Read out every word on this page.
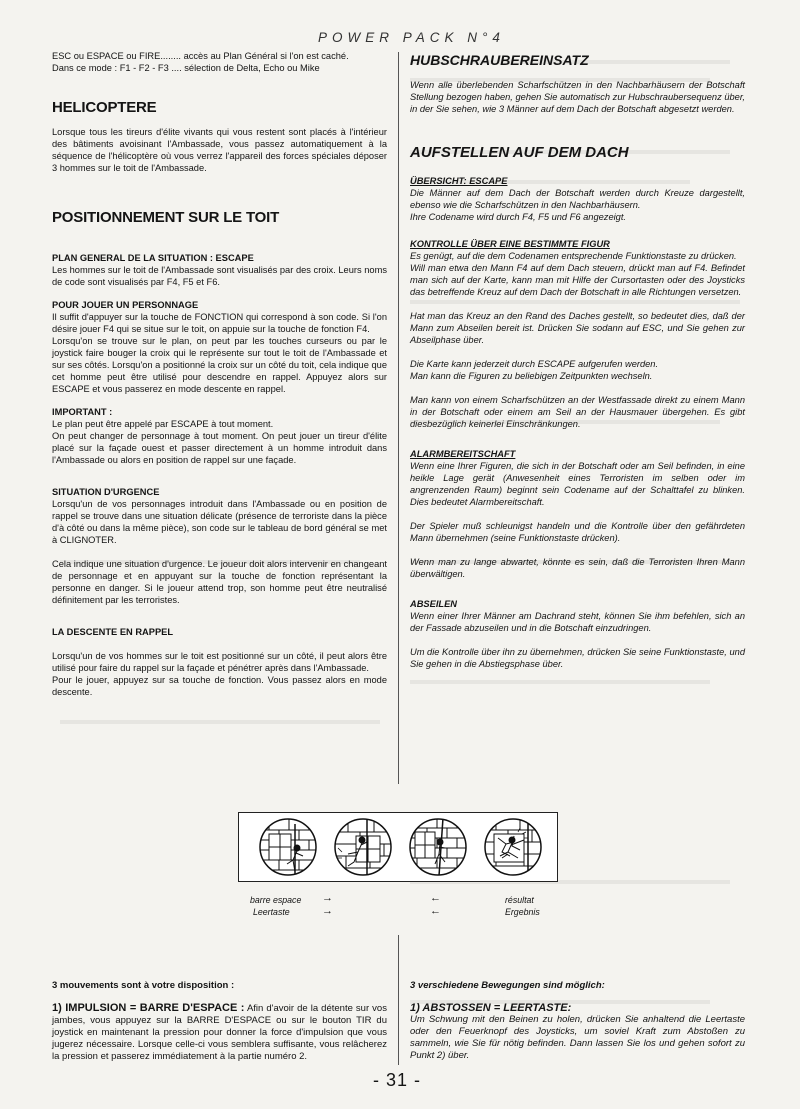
POWER PACK N°4

ESC ou ESPACE ou FIRE........ accès au Plan Général si l'on est caché.

Dans ce mode : F1 - F2 - F3 .... sélection de Delta, Echo ou Mike

HELICOPTERE

Lorsque tous les tireurs d'élite vivants qui vous restent sont placés à l'intérieur des bâtiments avoisinant l'Ambassade, vous passez automatiquement à la séquence de l'hélicoptère où vous verrez l'appareil des forces spéciales déposer 3 hommes sur le toit de l'Ambassade.

POSITIONNEMENT SUR LE TOIT

PLAN GENERAL DE LA SITUATION : ESCAPE

Les hommes sur le toit de l'Ambassade sont visualisés par des croix. Leurs noms de code sont visualisés par F4, F5 et F6.

POUR JOUER UN PERSONNAGE

Il suffit d'appuyer sur la touche de FONCTION qui correspond à son code. Si l'on désire jouer F4 qui se situe sur le toit, on appuie sur la touche de fonction F4.

Lorsqu'on se trouve sur le plan, on peut par les touches curseurs ou par le joystick faire bouger la croix qui le représente sur tout le toit de l'Ambassade et sur ses côtés. Lorsqu'on a positionné la croix sur un côté du toit, cela indique que cet homme peut être utilisé pour descendre en rappel. Appuyez alors sur ESCAPE et vous passerez en mode descente en rappel.

IMPORTANT :

Le plan peut être appelé par ESCAPE à tout moment.

On peut changer de personnage à tout moment. On peut jouer un tireur d'élite placé sur la façade ouest et passer directement à un homme introduit dans l'Ambassade ou alors en position de rappel sur une façade.

SITUATION D'URGENCE

Lorsqu'un de vos personnages introduit dans l'Ambassade ou en position de rappel se trouve dans une situation délicate (présence de terroriste dans la pièce d'à côté ou dans la même pièce), son code sur le tableau de bord général se met à CLIGNOTER.

Cela indique une situation d'urgence. Le joueur doit alors intervenir en changeant de personnage et en appuyant sur la touche de fonction représentant la personne en danger. Si le joueur attend trop, son homme peut être neutralisé définitement par les terroristes.

LA DESCENTE EN RAPPEL

Lorsqu'un de vos hommes sur le toit est positionné sur un côté, il peut alors être utilisé pour faire du rappel sur la façade et pénétrer après dans l'Ambassade.

Pour le jouer, appuyez sur sa touche de fonction. Vous passez alors en mode descente.

HUBSCHRAUBEREINSATZ

Wenn alle überlebenden Scharfschützen in den Nachbarhäusern der Botschaft Stellung bezogen haben, gehen Sie automatisch zur Hubschraubersequenz über, in der Sie sehen, wie 3 Männer auf dem Dach der Botschaft abgesetzt werden.

AUFSTELLEN AUF DEM DACH

ÜBERSICHT: ESCAPE

Die Männer auf dem Dach der Botschaft werden durch Kreuze dargestellt, ebenso wie die Scharfschützen in den Nachbarhäusern.

Ihre Codename wird durch F4, F5 und F6 angezeigt.

KONTROLLE ÜBER EINE BESTIMMTE FIGUR

Es genügt, auf die dem Codenamen entsprechende Funktionstaste zu drücken.

Will man etwa den Mann F4 auf dem Dach steuern, drückt man auf F4. Befindet man sich auf der Karte, kann man mit Hilfe der Cursortasten oder des Joysticks das betreffende Kreuz auf dem Dach der Botschaft in alle Richtungen versetzen.

Hat man das Kreuz an den Rand des Daches gestellt, so bedeutet dies, daß der Mann zum Abseilen bereit ist. Drücken Sie sodann auf ESC, und Sie gehen zur Abseilphase über.

Die Karte kann jederzeit durch ESCAPE aufgerufen werden.
Man kann die Figuren zu beliebigen Zeitpunkten wechseln.

Man kann von einem Scharfschützen an der Westfassade direkt zu einem Mann in der Botschaft oder einem am Seil an der Hausmauer übergehen. Es gibt diesbezüglich keinerlei Einschränkungen.

ALARMBEREITSCHAFT

Wenn eine Ihrer Figuren, die sich in der Botschaft oder am Seil befinden, in eine heikle Lage gerät (Anwesenheit eines Terroristen im selben oder im angrenzenden Raum) beginnt sein Codename auf der Schalttafel zu blinken. Dies bedeutet Alarmbereitschaft.

Der Spieler muß schleunigst handeln und die Kontrolle über den gefährdeten Mann übernehmen (seine Funktionstaste drücken).

Wenn man zu lange abwartet, könnte es sein, daß die Terroristen Ihren Mann überwältigen.

ABSEILEN

Wenn einer Ihrer Männer am Dachrand steht, können Sie ihm befehlen, sich an der Fassade abzuseilen und in die Botschaft einzudringen.

Um die Kontrolle über ihn zu übernehmen, drücken Sie seine Funktionstaste, und Sie gehen in die Abstiegsphase über.

barre espace
Leertaste
→
→
←
←
résultat
Ergebnis

3 mouvements sont à votre disposition :

1) IMPULSION = BARRE D'ESPACE : Afin d'avoir de la détente sur vos jambes, vous appuyez sur la BARRE D'ESPACE ou sur le bouton TIR du joystick en maintenant la pression pour donner la force d'impulsion que vous jugerez nécessaire. Lorsque celle-ci vous semblera suffisante, vous relâcherez la pression et passerez immédiatement à la partie numéro 2.

3 verschiedene Bewegungen sind möglich:

1) ABSTOSSEN = LEERTASTE:

Um Schwung mit den Beinen zu holen, drücken Sie anhaltend die Leertaste oder den Feuerknopf des Joysticks, um soviel Kraft zum Abstoßen zu sammeln, wie Sie für nötig befinden. Dann lassen Sie los und gehen sofort zu Punkt 2) über.

- 31 -
